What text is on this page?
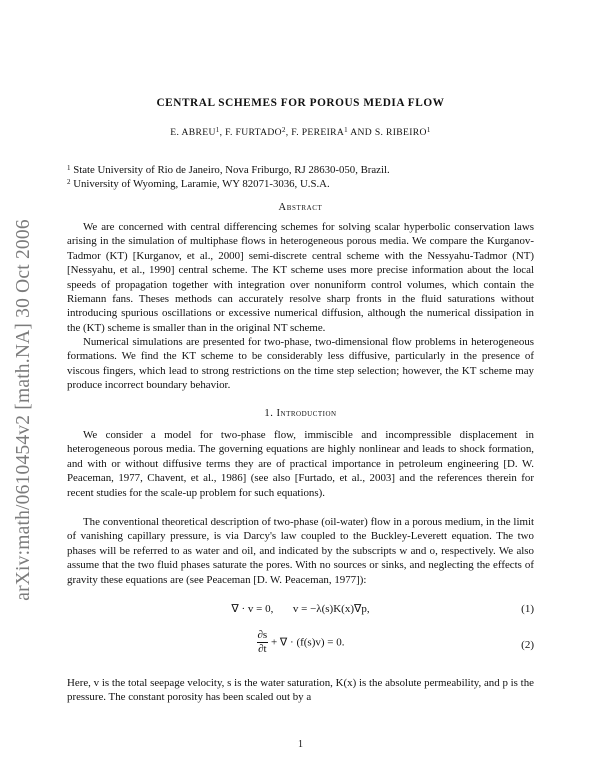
arXiv:math/0610454v2 [math.NA] 30 Oct 2006
CENTRAL SCHEMES FOR POROUS MEDIA FLOW
E. ABREU$^1$, F. FURTADO$^2$, F. PEREIRA$^1$ AND S. RIBEIRO$^1$
$^1$ State University of Rio de Janeiro, Nova Friburgo, RJ 28630-050, Brazil.
$^2$ University of Wyoming, Laramie, WY 82071-3036, U.S.A.
Abstract

We are concerned with central differencing schemes for solving scalar hyperbolic conservation laws arising in the simulation of multiphase flows in heterogeneous porous media. We compare the Kurganov-Tadmor (KT) [Kurganov, et al., 2000] semi-discrete central scheme with the Nessyahu-Tadmor (NT) [Nessyahu, et al., 1990] central scheme. The KT scheme uses more precise information about the local speeds of propagation together with integration over nonuniform control volumes, which contain the Riemann fans. Theses methods can accurately resolve sharp fronts in the fluid saturations without introducing spurious oscillations or excessive numerical diffusion, although the numerical dissipation in the (KT) scheme is smaller than in the original NT scheme.

Numerical simulations are presented for two-phase, two-dimensional flow problems in heterogeneous formations. We find the KT scheme to be considerably less diffusive, particularly in the presence of viscous fingers, which lead to strong restrictions on the time step selection; however, the KT scheme may produce incorrect boundary behavior.

1. Introduction

We consider a model for two-phase flow, immiscible and incompressible displacement in heterogeneous porous media. The governing equations are highly nonlinear and leads to shock formation, and with or without diffusive terms they are of practical importance in petroleum engineering [D. W. Peaceman, 1977, Chavent, et al., 1986] (see also [Furtado, et al., 2003] and the references therein for recent studies for the scale-up problem for such equations).

The conventional theoretical description of two-phase (oil-water) flow in a porous medium, in the limit of vanishing capillary pressure, is via Darcy's law coupled to the Buckley-Leverett equation. The two phases will be referred to as water and oil, and indicated by the subscripts w and o, respectively. We also assume that the two fluid phases saturate the pores. With no sources or sinks, and neglecting the effects of gravity these equations are (see Peaceman [D. W. Peaceman, 1977]):

∇ · v = 0, v = −λ(s)K(x)∇p,	(1)
$\frac{\partial s}{\partial t}$ + ∇ · (f(s)v) = 0.	(2)

Here, v is the total seepage velocity, s is the water saturation, K(x) is the absolute permeability, and p is the pressure. The constant porosity has been scaled out by a

1
